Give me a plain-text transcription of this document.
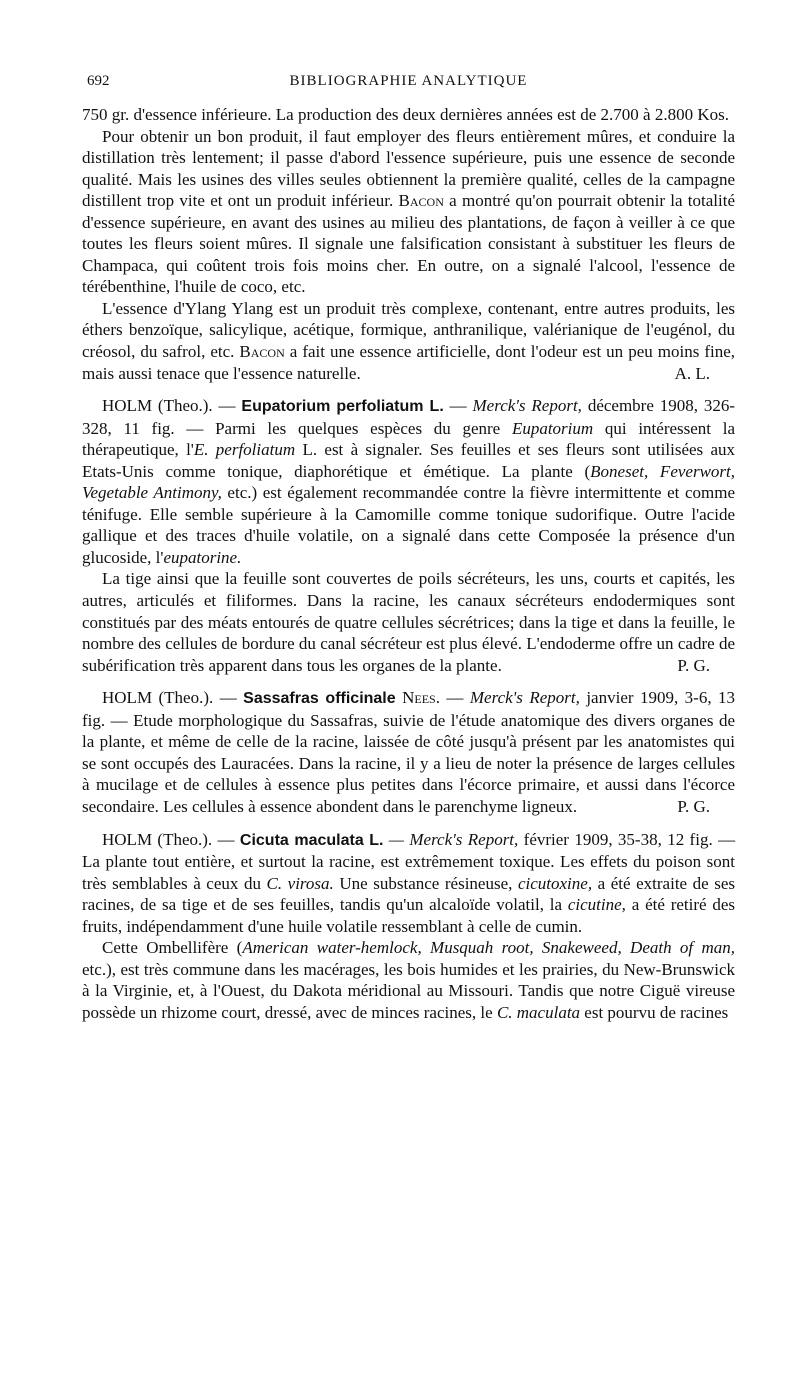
692	BIBLIOGRAPHIE ANALYTIQUE

750 gr. d'essence inférieure. La production des deux dernières années est de 2.700 à 2.800 Kos.

Pour obtenir un bon produit, il faut employer des fleurs entièrement mûres, et conduire la distillation très lentement; il passe d'abord l'essence supérieure, puis une essence de seconde qualité. Mais les usines des villes seules obtiennent la première qualité, celles de la campagne distillent trop vite et ont un produit inférieur. Bacon a montré qu'on pourrait obtenir la totalité d'essence supérieure, en avant des usines au milieu des plantations, de façon à veiller à ce que toutes les fleurs soient mûres. Il signale une falsification consistant à substituer les fleurs de Champaca, qui coûtent trois fois moins cher. En outre, on a signalé l'alcool, l'essence de térébenthine, l'huile de coco, etc.

L'essence d'Ylang Ylang est un produit très complexe, contenant, entre autres produits, les éthers benzoïque, salicylique, acétique, formique, anthranilique, valérianique de l'eugénol, du créosol, du safrol, etc. Bacon a fait une essence artificielle, dont l'odeur est un peu moins fine, mais aussi tenace que l'essence naturelle.	A. L.

HOLM (Theo.). — Eupatorium perfoliatum L. — Merck's Report, décembre 1908, 326-328, 11 fig. — Parmi les quelques espèces du genre Eupatorium qui intéressent la thérapeutique, l'E. perfoliatum L. est à signaler. Ses feuilles et ses fleurs sont utilisées aux Etats-Unis comme tonique, diaphorétique et émétique. La plante (Boneset, Feverwort, Vegetable Antimony, etc.) est également recommandée contre la fièvre intermittente et comme ténifuge. Elle semble supérieure à la Camomille comme tonique sudorifique. Outre l'acide gallique et des traces d'huile volatile, on a signalé dans cette Composée la présence d'un glucoside, l'eupatorine.

La tige ainsi que la feuille sont couvertes de poils sécréteurs, les uns, courts et capités, les autres, articulés et filiformes. Dans la racine, les canaux sécréteurs endodermiques sont constitués par des méats entourés de quatre cellules sécrétrices; dans la tige et dans la feuille, le nombre des cellules de bordure du canal sécréteur est plus élevé. L'endoderme offre un cadre de subérification très apparent dans tous les organes de la plante.	P. G.

HOLM (Theo.). — Sassafras officinale Nees. — Merck's Report, janvier 1909, 3-6, 13 fig. — Etude morphologique du Sassafras, suivie de l'étude anatomique des divers organes de la plante, et même de celle de la racine, laissée de côté jusqu'à présent par les anatomistes qui se sont occupés des Lauracées. Dans la racine, il y a lieu de noter la présence de larges cellules à mucilage et de cellules à essence plus petites dans l'écorce primaire, et aussi dans l'écorce secondaire. Les cellules à essence abondent dans le parenchyme ligneux.	P. G.

HOLM (Theo.). — Cicuta maculata L. — Merck's Report, février 1909, 35-38, 12 fig. — La plante tout entière, et surtout la racine, est extrêmement toxique. Les effets du poison sont très semblables à ceux du C. virosa. Une substance résineuse, cicutoxine, a été extraite de ses racines, de sa tige et de ses feuilles, tandis qu'un alcaloïde volatil, la cicutine, a été retiré des fruits, indépendamment d'une huile volatile ressemblant à celle de cumin.

Cette Ombellifère (American water-hemlock, Musquah root, Snakeweed, Death of man, etc.), est très commune dans les macérages, les bois humides et les prairies, du New-Brunswick à la Virginie, et, à l'Ouest, du Dakota méridional au Missouri. Tandis que notre Ciguë vireuse possède un rhizome court, dressé, avec de minces racines, le C. maculata est pourvu de racines
